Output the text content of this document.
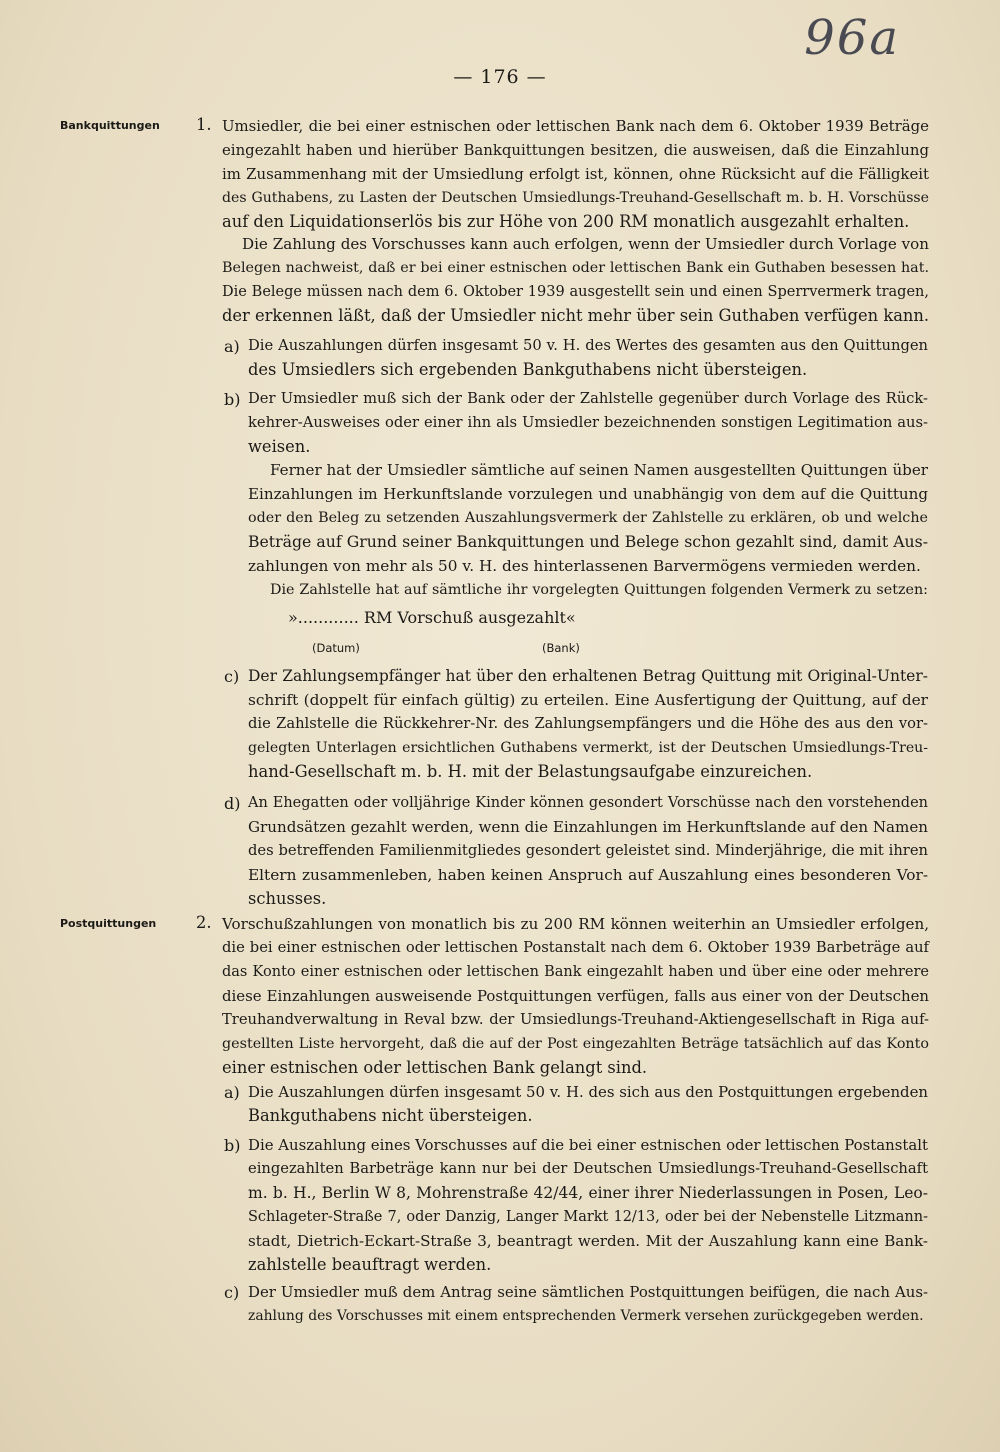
96a
— 176 —
Bankquittungen 1. Umsiedler, die bei einer estnischen oder lettischen Bank nach dem 6. Oktober 1939 Beträge
eingezahlt haben und hierüber Bankquittungen besitzen, die ausweisen, daß die Einzahlung
im Zusammenhang mit der Umsiedlung erfolgt ist, können, ohne Rücksicht auf die Fälligkeit
des Guthabens, zu Lasten der Deutschen Umsiedlungs-Treuhand-Gesellschaft m. b. H. Vorschüsse
auf den Liquidationserlös bis zur Höhe von 200 RM monatlich ausgezahlt erhalten.
Die Zahlung des Vorschusses kann auch erfolgen, wenn der Umsiedler durch Vorlage von
Belegen nachweist, daß er bei einer estnischen oder lettischen Bank ein Guthaben besessen hat.
Die Belege müssen nach dem 6. Oktober 1939 ausgestellt sein und einen Sperrvermerk tragen,
der erkennen läßt, daß der Umsiedler nicht mehr über sein Guthaben verfügen kann.
a) Die Auszahlungen dürfen insgesamt 50 v. H. des Wertes des gesamten aus den Quittungen
des Umsiedlers sich ergebenden Bankguthabens nicht übersteigen.
b) Der Umsiedler muß sich der Bank oder der Zahlstelle gegenüber durch Vorlage des Rück-
kehrer-Ausweises oder einer ihn als Umsiedler bezeichnenden sonstigen Legitimation aus-
weisen.
Ferner hat der Umsiedler sämtliche auf seinen Namen ausgestellten Quittungen über
Einzahlungen im Herkunftslande vorzulegen und unabhängig von dem auf die Quittung
oder den Beleg zu setzenden Auszahlungsvermerk der Zahlstelle zu erklären, ob und welche
Beträge auf Grund seiner Bankquittungen und Belege schon gezahlt sind, damit Aus-
zahlungen von mehr als 50 v. H. des hinterlassenen Barvermögens vermieden werden.
Die Zahlstelle hat auf sämtliche ihr vorgelegten Quittungen folgenden Vermerk zu setzen:
»............ RM Vorschuß ausgezahlt«
(Datum)	(Bank)
c) Der Zahlungsempfänger hat über den erhaltenen Betrag Quittung mit Original-Unter-
schrift (doppelt für einfach gültig) zu erteilen. Eine Ausfertigung der Quittung, auf der
die Zahlstelle die Rückkehrer-Nr. des Zahlungsempfängers und die Höhe des aus den vor-
gelegten Unterlagen ersichtlichen Guthabens vermerkt, ist der Deutschen Umsiedlungs-Treu-
hand-Gesellschaft m. b. H. mit der Belastungsaufgabe einzureichen.
d) An Ehegatten oder volljährige Kinder können gesondert Vorschüsse nach den vorstehenden
Grundsätzen gezahlt werden, wenn die Einzahlungen im Herkunftslande auf den Namen
des betreffenden Familienmitgliedes gesondert geleistet sind. Minderjährige, die mit ihren
Eltern zusammenleben, haben keinen Anspruch auf Auszahlung eines besonderen Vor-
schusses.
Postquittungen 2. Vorschußzahlungen von monatlich bis zu 200 RM können weiterhin an Umsiedler erfolgen,
die bei einer estnischen oder lettischen Postanstalt nach dem 6. Oktober 1939 Barbeträge auf
das Konto einer estnischen oder lettischen Bank eingezahlt haben und über eine oder mehrere
diese Einzahlungen ausweisende Postquittungen verfügen, falls aus einer von der Deutschen
Treuhandverwaltung in Reval bzw. der Umsiedlungs-Treuhand-Aktiengesellschaft in Riga auf-
gestellten Liste hervorgeht, daß die auf der Post eingezahlten Beträge tatsächlich auf das Konto
einer estnischen oder lettischen Bank gelangt sind.
a) Die Auszahlungen dürfen insgesamt 50 v. H. des sich aus den Postquittungen ergebenden
Bankguthabens nicht übersteigen.
b) Die Auszahlung eines Vorschusses auf die bei einer estnischen oder lettischen Postanstalt
eingezahlten Barbeträge kann nur bei der Deutschen Umsiedlungs-Treuhand-Gesellschaft
m. b. H., Berlin W 8, Mohrenstraße 42/44, einer ihrer Niederlassungen in Posen, Leo-
Schlageter-Straße 7, oder Danzig, Langer Markt 12/13, oder bei der Nebenstelle Litzmann-
stadt, Dietrich-Eckart-Straße 3, beantragt werden. Mit der Auszahlung kann eine Bank-
zahlstelle beauftragt werden.
c) Der Umsiedler muß dem Antrag seine sämtlichen Postquittungen beifügen, die nach Aus-
zahlung des Vorschusses mit einem entsprechenden Vermerk versehen zurückgegeben werden.
